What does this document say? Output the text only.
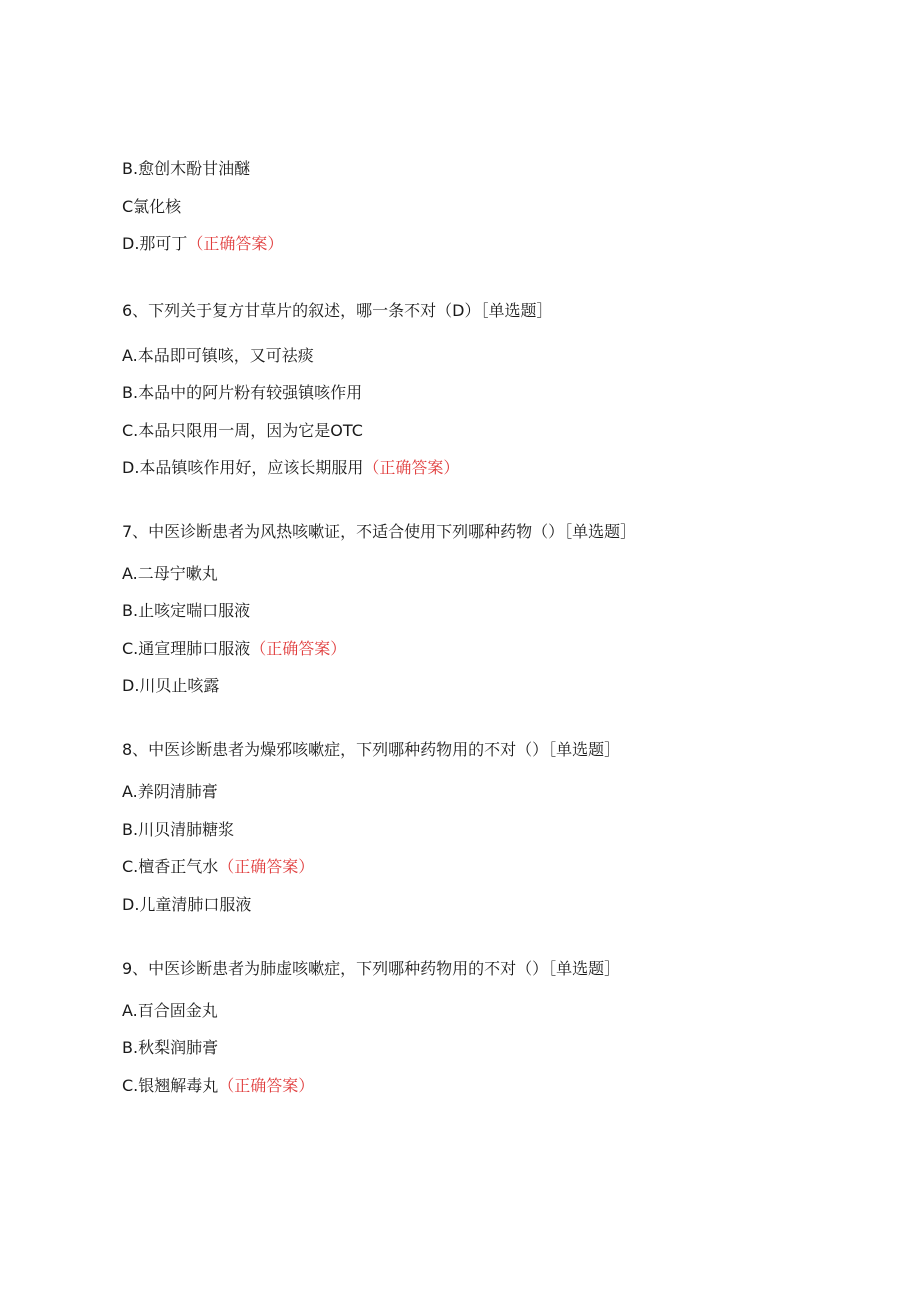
B.愈创木酚甘油醚
C氯化核
D.那可丁（正确答案）
6、下列关于复方甘草片的叙述，哪一条不对（D）［单选题］
A.本品即可镇咳，又可祛痰
B.本品中的阿片粉有较强镇咳作用
C.本品只限用一周，因为它是OTC
D.本品镇咳作用好，应该长期服用（正确答案）
7、中医诊断患者为风热咳嗽证，不适合使用下列哪种药物（）［单选题］
A.二母宁嗽丸
B.止咳定喘口服液
C.通宣理肺口服液（正确答案）
D.川贝止咳露
8、中医诊断患者为燥邪咳嗽症，下列哪种药物用的不对（）［单选题］
A.养阴清肺膏
B.川贝清肺糖浆
C.檀香正气水（正确答案）
D.儿童清肺口服液
9、中医诊断患者为肺虚咳嗽症，下列哪种药物用的不对（）［单选题］
A.百合固金丸
B.秋梨润肺膏
C.银翘解毒丸（正确答案）
